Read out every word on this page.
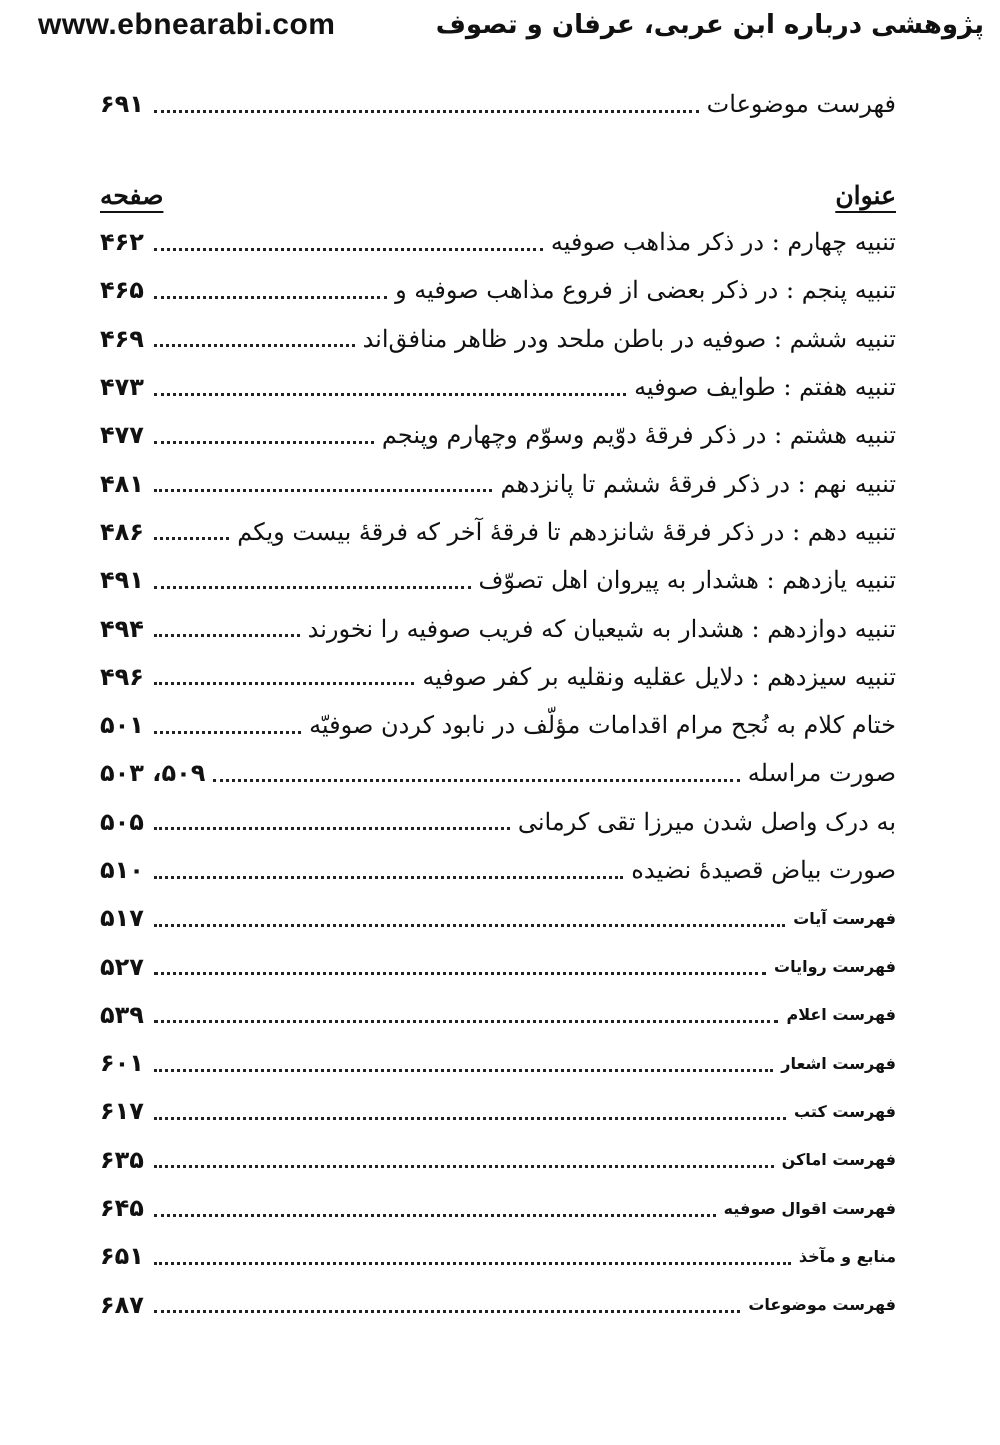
www.ebnearabi.com	پژوهشی درباره ابن عربی، عرفان و تصوف
فهرست موضوعات
۶۹۱
عنوان
صفحه
تنبیه چهارم : در ذکر مذاهب صوفیه
۴۶۲
تنبیه پنجم : در ذکر بعضی از فروع مذاهب صوفیه و
۴۶۵
تنبیه ششم : صوفیه در باطن ملحد ودر ظاهر منافق‌اند
۴۶۹
تنبیه هفتم : طوایف صوفیه
۴۷۳
تنبیه هشتم : در ذکر فرقهٔ دوّیم وسوّم وچهارم وپنجم
۴۷۷
تنبیه نهم : در ذکر فرقهٔ ششم تا پانزدهم
۴۸۱
تنبیه دهم : در ذکر فرقهٔ شانزدهم تا فرقهٔ آخر که فرقهٔ بیست ویکم
۴۸۶
تنبیه یازدهم : هشدار به پیروان اهل تصوّف
۴۹۱
تنبیه دوازدهم : هشدار به شیعیان که فریب صوفیه را نخورند
۴۹۴
تنبیه سیزدهم : دلایل عقلیه ونقلیه بر کفر صوفیه
۴۹۶
ختام کلام به نُجح مرام اقدامات مؤلّف در نابود کردن صوفیّه
۵۰۱
صورت مراسله
۵۰۹، ۵۰۳
به درک واصل شدن میرزا تقی کرمانی
۵۰۵
صورت بیاض قصیدهٔ نضیده
۵۱۰
فهرست آیات
۵۱۷
فهرست روایات
۵۲۷
فهرست اعلام
۵۳۹
فهرست اشعار
۶۰۱
فهرست کتب
۶۱۷
فهرست اماکن
۶۳۵
فهرست اقوال صوفیه
۶۴۵
منابع و مآخذ
۶۵۱
فهرست موضوعات
۶۸۷
